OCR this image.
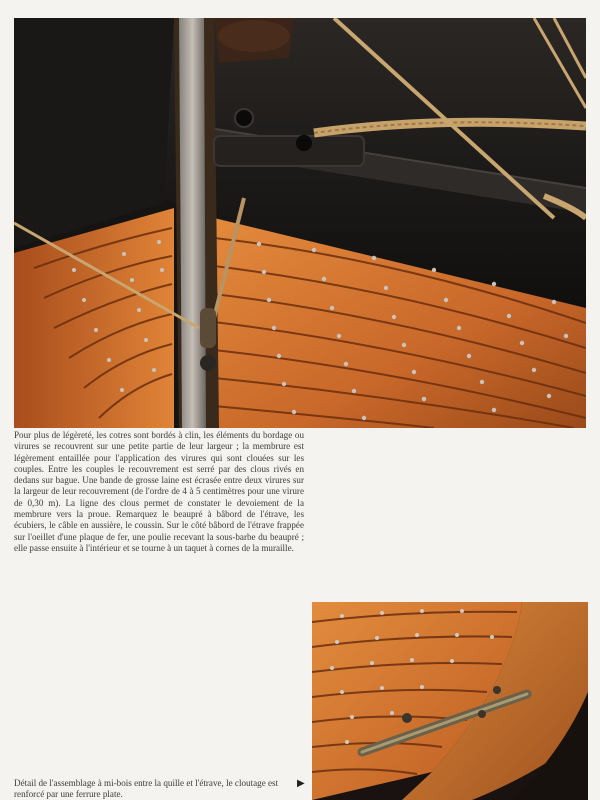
Pour plus de légèreté, les cotres sont bordés à clin, les éléments du bordage ou virures se recouvrent sur une petite partie de leur largeur ; la membrure est légèrement entaillée pour l'application des virures qui sont clouées sur les couples. Entre les couples le recouvrement est serré par des clous rivés en dedans sur bague. Une bande de grosse laine est écrasée entre deux virures sur la largeur de leur recouvrement (de l'ordre de 4 à 5 centimètres pour une virure de 0,30 m). La ligne des clous permet de constater le devoiement de la membrure vers la proue. Remarquez le beaupré à bâbord de l'étrave, les écubiers, le câble en aussière, le coussin. Sur le côté bâbord de l'étrave frappée sur l'oeillet d'une plaque de fer, une poulie recevant la sous-barbe du beaupré ; elle passe ensuite à l'intérieur et se tourne à un taquet à cornes de la muraille.

Détail de l'assemblage à mi-bois entre la quille et l'étrave, le cloutage est renforcé par une ferrure plate.

▶
